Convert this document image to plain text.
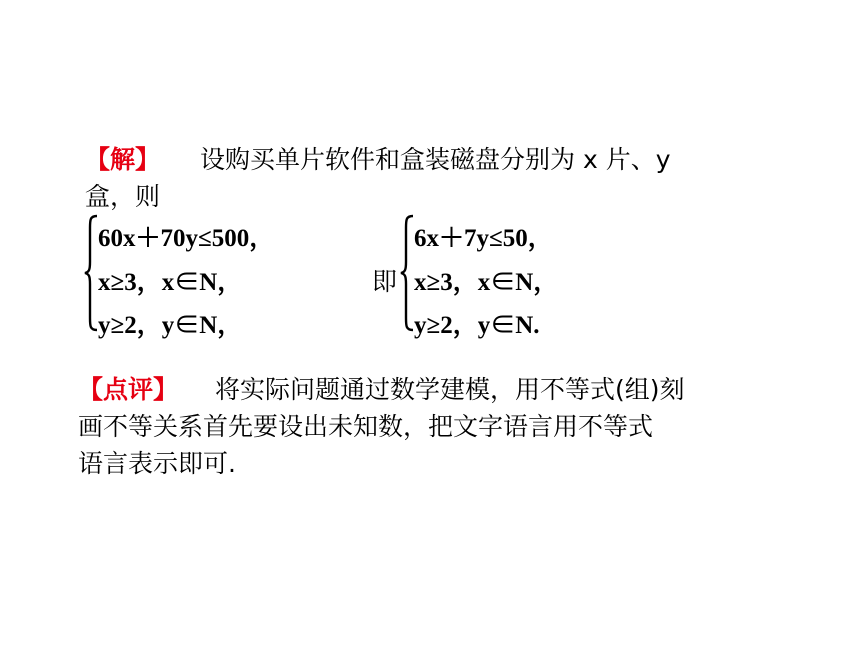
【解】 设购买单片软件和盒装磁盘分别为 x 片、y
盒，则
60x＋70y≤500，
x≥3，x∈N，
y≥2，y∈N，
即
6x＋7y≤50，
x≥3，x∈N，
y≥2，y∈N.
【点评】 将实际问题通过数学建模，用不等式(组)刻
画不等关系首先要设出未知数，把文字语言用不等式
语言表示即可.
